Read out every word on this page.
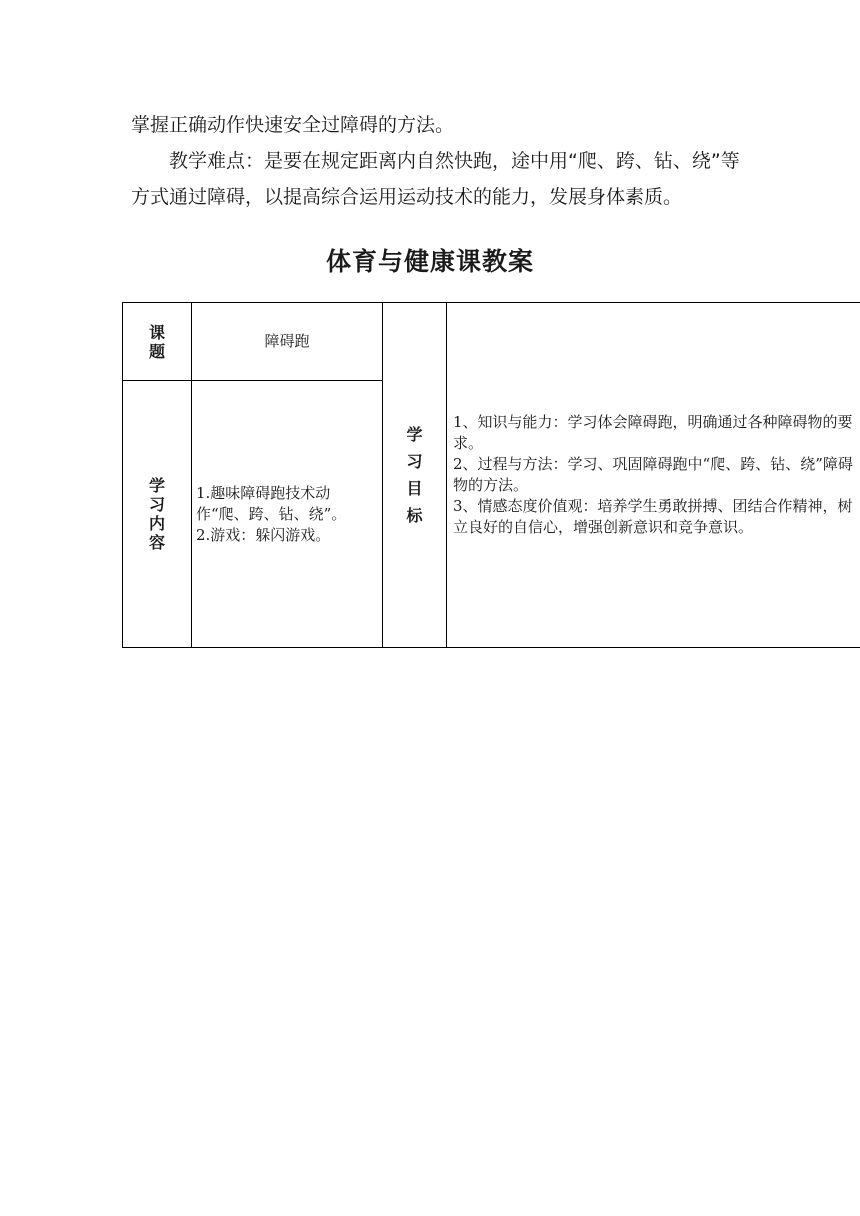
掌握正确动作快速安全过障碍的方法。

教学难点：是要在规定距离内自然快跑，途中用“爬、跨、钻、绕”等方式通过障碍，以提高综合运用运动技术的能力，发展身体素质。

体育与健康课教案
课题
障碍跑
学习内容
1.趣味障碍跑技术动作“爬、跨、钻、绕”。
2.游戏：躲闪游戏。
学习目标
1、知识与能力：学习体会障碍跑，明确通过各种障碍物的要求。
2、过程与方法：学习、巩固障碍跑中“爬、跨、钻、绕”障碍物的方法。
3、情感态度价值观：培养学生勇敢拼搏、团结合作精神，树立良好的自信心，增强创新意识和竞争意识。
